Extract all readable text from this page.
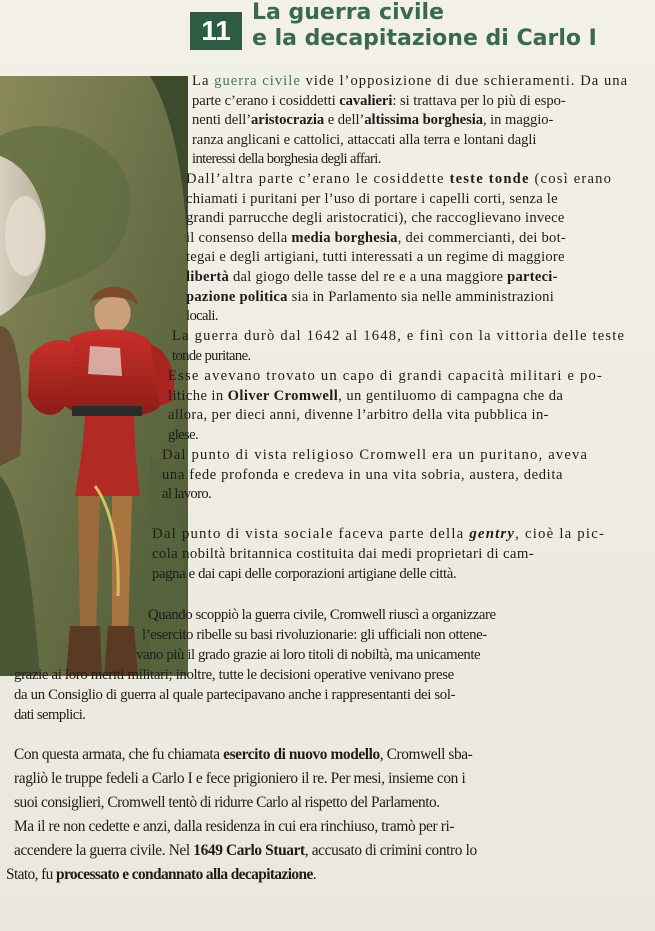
11
La guerra civile
e la decapitazione di Carlo I
La guerra civile vide l’opposizione di due schieramenti. Da una
parte c’erano i cosiddetti cavalieri: si trattava per lo più di espo-
nenti dell’aristocrazia e dell’altissima borghesia, in maggio-
ranza anglicani e cattolici, attaccati alla terra e lontani dagli
interessi della borghesia degli affari.
Dall’altra parte c’erano le cosiddette teste tonde (così erano
chiamati i puritani per l’uso di portare i capelli corti, senza le
grandi parrucche degli aristocratici), che raccoglievano invece
il consenso della media borghesia, dei commercianti, dei bot-
tegai e degli artigiani, tutti interessati a un regime di maggiore
libertà dal giogo delle tasse del re e a una maggiore parteci-
pazione politica sia in Parlamento sia nelle amministrazioni
locali.
La guerra durò dal 1642 al 1648, e finì con la vittoria delle teste
tonde puritane.
Esse avevano trovato un capo di grandi capacità militari e po-
litiche in Oliver Cromwell, un gentiluomo di campagna che da
allora, per dieci anni, divenne l’arbitro della vita pubblica in-
glese.
Dal punto di vista religioso Cromwell era un puritano, aveva
una fede profonda e credeva in una vita sobria, austera, dedita
al lavoro.
Dal punto di vista sociale faceva parte della gentry, cioè la pic-
cola nobiltà britannica costituita dai medi proprietari di cam-
pagna e dai capi delle corporazioni artigiane delle città.
Quando scoppiò la guerra civile, Cromwell riuscì a organizzare
l’esercito ribelle su basi rivoluzionarie: gli ufficiali non ottene-
vano più il grado grazie ai loro titoli di nobiltà, ma unicamente
grazie ai loro meriti militari; inoltre, tutte le decisioni operative venivano prese
da un Consiglio di guerra al quale partecipavano anche i rappresentanti dei sol-
dati semplici.
Con questa armata, che fu chiamata esercito di nuovo modello, Cromwell sba-
ragliò le truppe fedeli a Carlo I e fece prigioniero il re. Per mesi, insieme con i
suoi consiglieri, Cromwell tentò di ridurre Carlo al rispetto del Parlamento.
Ma il re non cedette e anzi, dalla residenza in cui era rinchiuso, tramò per ri-
accendere la guerra civile. Nel 1649 Carlo Stuart, accusato di crimini contro lo
Stato, fu processato e condannato alla decapitazione.
